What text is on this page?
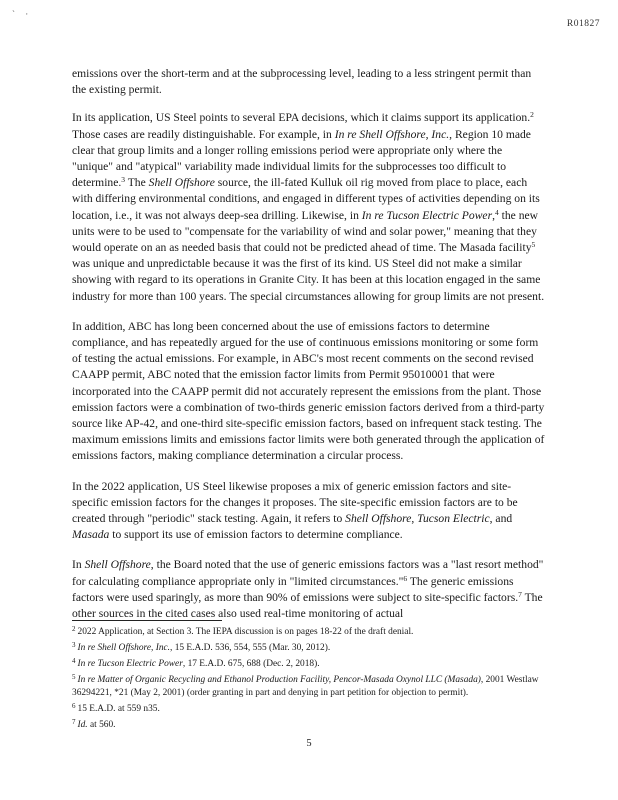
` ·
R01827

emissions over the short-term and at the subprocessing level, leading to a less stringent permit than the existing permit.

In its application, US Steel points to several EPA decisions, which it claims support its application.$^2$ Those cases are readily distinguishable. For example, in In re Shell Offshore, Inc., Region 10 made clear that group limits and a longer rolling emissions period were appropriate only where the "unique" and "atypical" variability made individual limits for the subprocesses too difficult to determine.$^3$ The Shell Offshore source, the ill-fated Kulluk oil rig moved from place to place, each with differing environmental conditions, and engaged in different types of activities depending on its location, i.e., it was not always deep-sea drilling. Likewise, in In re Tucson Electric Power,$^4$ the new units were to be used to "compensate for the variability of wind and solar power," meaning that they would operate on an as needed basis that could not be predicted ahead of time. The Masada facility$^5$ was unique and unpredictable because it was the first of its kind. US Steel did not make a similar showing with regard to its operations in Granite City. It has been at this location engaged in the same industry for more than 100 years. The special circumstances allowing for group limits are not present.

In addition, ABC has long been concerned about the use of emissions factors to determine compliance, and has repeatedly argued for the use of continuous emissions monitoring or some form of testing the actual emissions. For example, in ABC's most recent comments on the second revised CAAPP permit, ABC noted that the emission factor limits from Permit 95010001 that were incorporated into the CAAPP permit did not accurately represent the emissions from the plant. Those emission factors were a combination of two-thirds generic emission factors derived from a third-party source like AP-42, and one-third site-specific emission factors, based on infrequent stack testing. The maximum emissions limits and emissions factor limits were both generated through the application of emissions factors, making compliance determination a circular process.

In the 2022 application, US Steel likewise proposes a mix of generic emission factors and site-specific emission factors for the changes it proposes. The site-specific emission factors are to be created through "periodic" stack testing. Again, it refers to Shell Offshore, Tucson Electric, and Masada to support its use of emission factors to determine compliance.

In Shell Offshore, the Board noted that the use of generic emissions factors was a "last resort method" for calculating compliance appropriate only in "limited circumstances."$^6$ The generic emissions factors were used sparingly, as more than 90% of emissions were subject to site-specific factors.$^7$ The other sources in the cited cases also used real-time monitoring of actual

$^2$ 2022 Application, at Section 3. The IEPA discussion is on pages 18-22 of the draft denial.

$^3$ In re Shell Offshore, Inc., 15 E.A.D. 536, 554, 555 (Mar. 30, 2012).

$^4$ In re Tucson Electric Power, 17 E.A.D. 675, 688 (Dec. 2, 2018).

$^5$ In re Matter of Organic Recycling and Ethanol Production Facility, Pencor-Masada Oxynol LLC (Masada), 2001 Westlaw 36294221, *21 (May 2, 2001) (order granting in part and denying in part petition for objection to permit).

$^6$ 15 E.A.D. at 559 n35.

$^7$ Id. at 560.

5
